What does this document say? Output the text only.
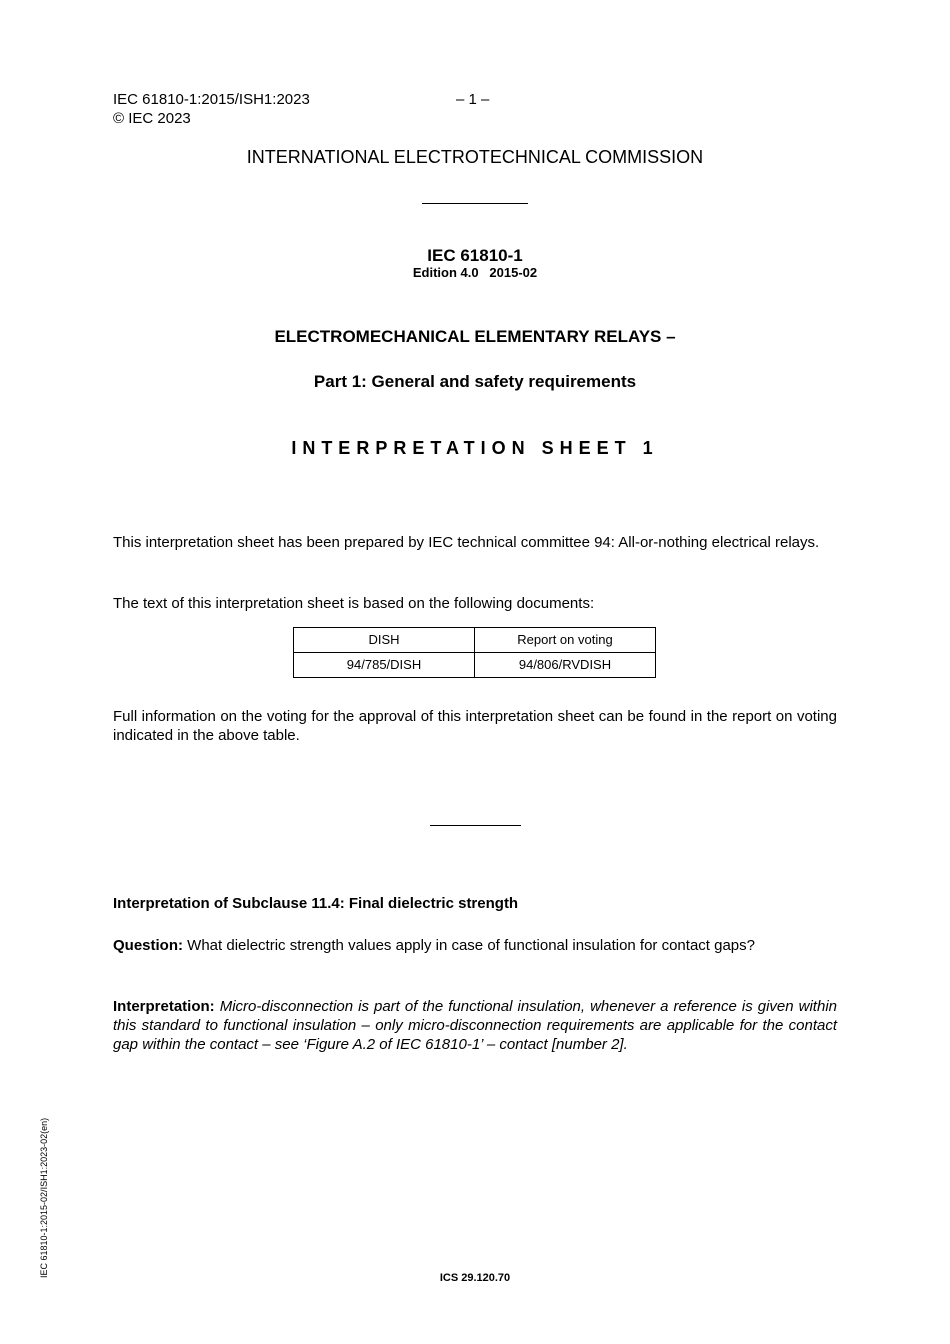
IEC 61810-1:2015/ISH1:2023	– 1 –
© IEC 2023
INTERNATIONAL ELECTROTECHNICAL COMMISSION
IEC 61810-1
Edition 4.0   2015-02
ELECTROMECHANICAL ELEMENTARY RELAYS –
Part 1: General and safety requirements
INTERPRETATION SHEET 1
This interpretation sheet has been prepared by IEC technical committee 94: All-or-nothing electrical relays.
The text of this interpretation sheet is based on the following documents:
DISH	Report on voting
94/785/DISH	94/806/RVDISH
Full information on the voting for the approval of this interpretation sheet can be found in the report on voting indicated in the above table.
Interpretation of Subclause 11.4: Final dielectric strength
Question: What dielectric strength values apply in case of functional insulation for contact gaps?
Interpretation: Micro-disconnection is part of the functional insulation, whenever a reference is given within this standard to functional insulation – only micro-disconnection requirements are applicable for the contact gap within the contact – see ‘Figure A.2 of IEC 61810-1’ – contact [number 2].
IEC 61810-1:2015-02/ISH1:2023-02(en)	ICS 29.120.70
